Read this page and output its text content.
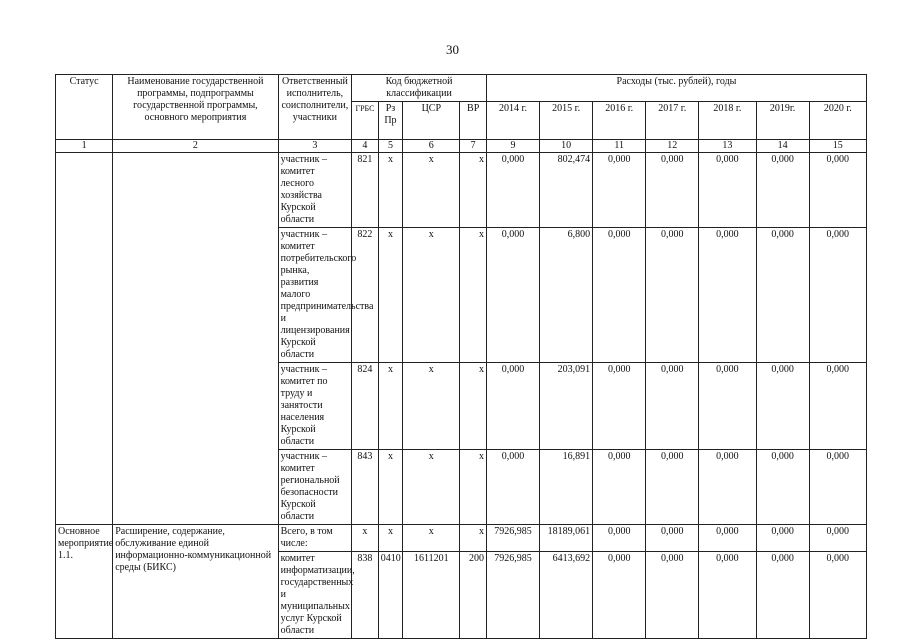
30
Статус	Наименование государственной программы, подпрограммы государственной программы, основного мероприятия	Ответственный исполнитель, соисполнители, участники	Код бюджетной классификации				Расходы (тыс. рублей), годы						
			ГРБС	Рз Пр	ЦСР	ВР	2014 г.	2015 г.	2016 г.	2017 г.	2018 г.	2019г.	2020 г.
1	2	3	4	5	6	7	9	10	11	12	13	14	15
		участник – комитет лесного хозяйства Курской области	821	х	х	х	0,000	802,474	0,000	0,000	0,000	0,000	0,000
		участник – комитет потребительского рынка, развития малого предпринимательства и лицензирования Курской области	822	х	х	х	0,000	6,800	0,000	0,000	0,000	0,000	0,000
		участник – комитет по труду и занятости населения Курской области	824	х	х	х	0,000	203,091	0,000	0,000	0,000	0,000	0,000
		участник – комитет региональной безопасности Курской области	843	х	х	х	0,000	16,891	0,000	0,000	0,000	0,000	0,000
Основное мероприятие 1.1.	Расширение, содержание, обслуживание единой информационно-коммуникационной среды (БИКС)	Всего, в том числе:	х	х	х	х	7926,985	18189,061	0,000	0,000	0,000	0,000	0,000
		комитет информатизации, государственных и муниципальных услуг Курской области	838	0410	1611201	200	7926,985	6413,692	0,000	0,000	0,000	0,000	0,000
